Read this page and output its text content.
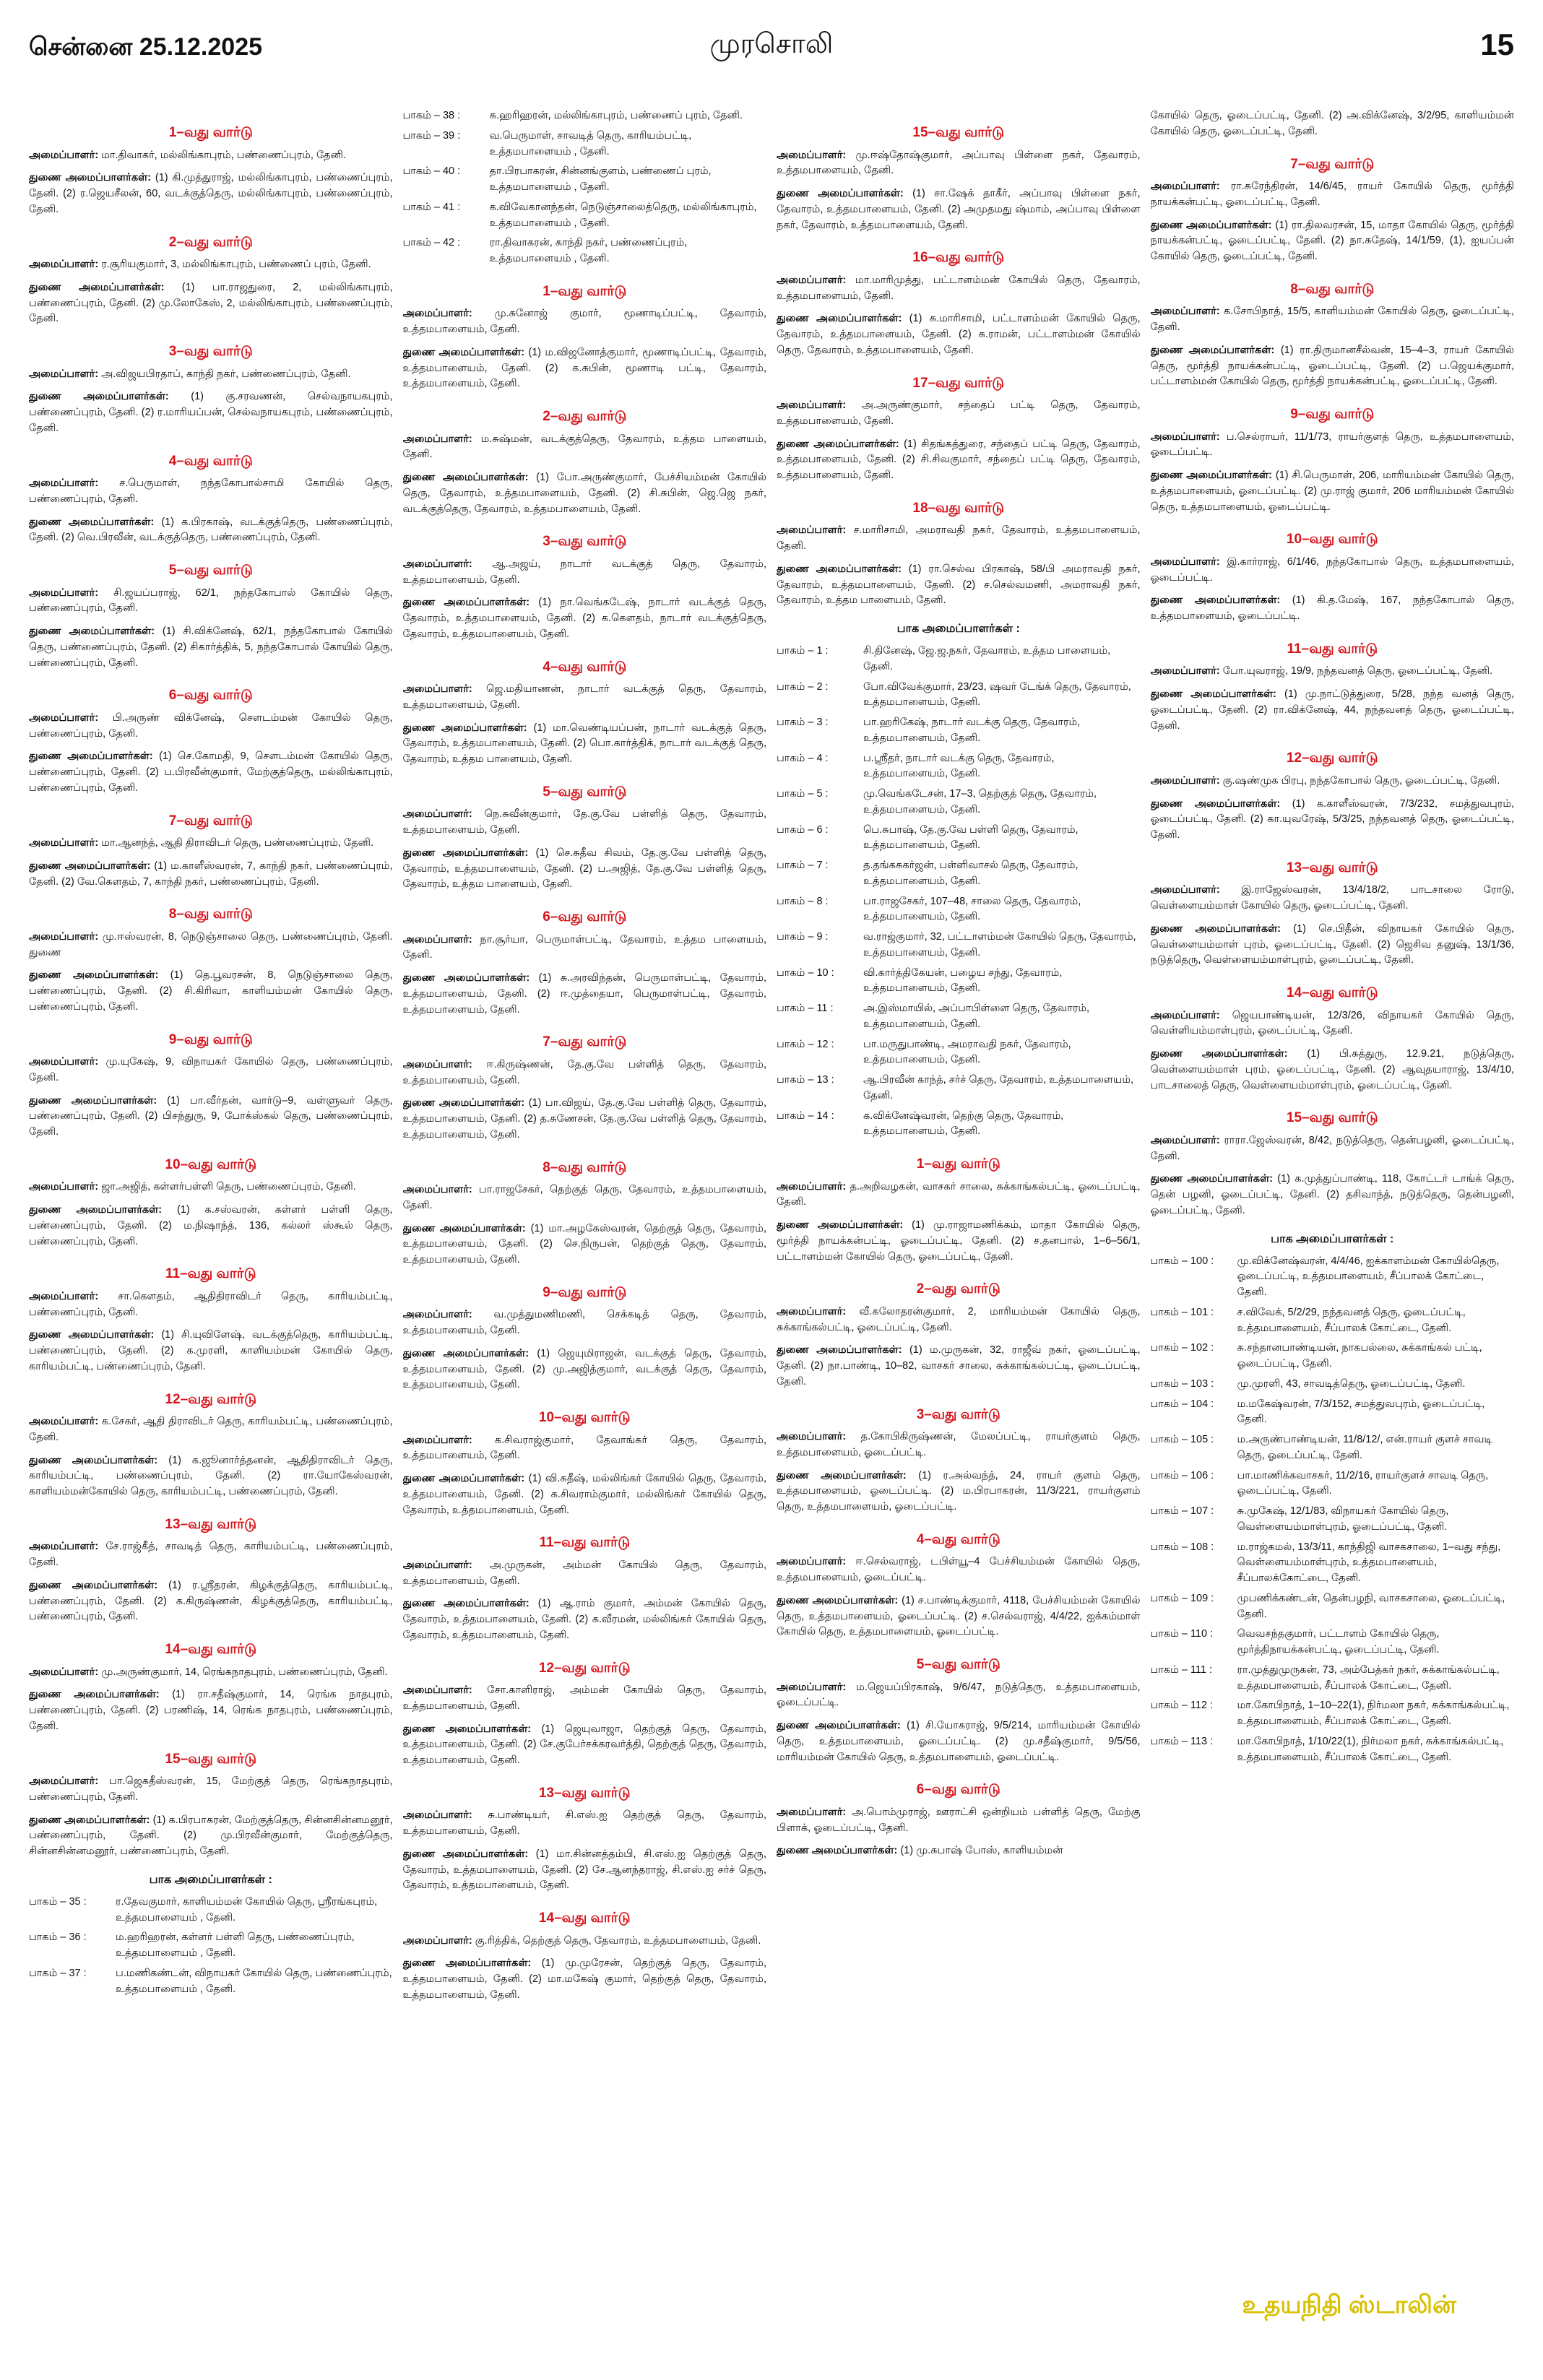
சென்னை 25.12.2025	முரசொலி	15
1–வது வார்டு
அமைப்பாளர்: மா.திவாகர், மல்லிங்காபுரம், பண்ணைப்புரம், தேனி.
துணை அமைப்பாளர்கள்: (1) கி.முத்துராஜ், மல்லிங்காபுரம், பண்ணைப்புரம், தேனி. (2) ர.ஜெயசீலன், 60, வடக்குத்தெரு, மல்லிங்காபுரம், பண்ணைப்புரம், தேனி.
2–வது வார்டு
அமைப்பாளர்: ர.சூரியகுமார், 3, மல்லிங்காபுரம், பண்ணைப் புரம், தேனி.
துணை அமைப்பாளர்கள்: (1) பா.ராஜதுரை, 2, மல்லிங்காபுரம், பண்ணைப்புரம், தேனி. (2) மு.லோகேஸ், 2, மல்லிங்காபுரம், பண்ணைப்புரம், தேனி.
3–வது வார்டு
அமைப்பாளர்: அ.விஜயபிரதாப், காந்தி நகர், பண்ணைப்புரம், தேனி.
துணை அமைப்பாளர்கள்: (1) கு.சரவணன், செல்வநாயகபுரம், பண்ணைப்புரம், தேனி. (2) ர.மாரியப்பன், செல்வநாயகபுரம், பண்ணைப்புரம், தேனி.
4–வது வார்டு
அமைப்பாளர்: ச.பெருமாள், நந்தகோபால்சாமி கோயில் தெரு, பண்ணைப்புரம், தேனி.
துணை அமைப்பாளர்கள்: (1) க.பிரகாஷ், வடக்குத்தெரு, பண்ணைப்புரம், தேனி. (2) வெ.பிரவீன், வடக்குத்தெரு, பண்ணைப்புரம், தேனி.
5–வது வார்டு
அமைப்பாளர்: சி.ஜயப்பராஜ், 62/1, நந்தகோபால் கோயில் தெரு, பண்ணைப்புரம், தேனி.
துணை அமைப்பாளர்கள்: (1) சி.விக்னேஷ், 62/1, நந்தகோபால் கோயில் தெரு, பண்ணைப்புரம், தேனி. (2) சிகார்த்திக், 5, நந்தகோபால் கோயில் தெரு, பண்ணைப்புரம், தேனி.
6–வது வார்டு
அமைப்பாளர்: பி.அருண் விக்னேஷ், சௌடம்மன் கோயில் தெரு, பண்ணைப்புரம், தேனி.
துணை அமைப்பாளர்கள்: (1) செ.கோமதி, 9, சௌடம்மன் கோயில் தெரு, பண்ணைப்புரம், தேனி. (2) ப.பிரவீன்குமார், மேற்குத்தெரு, மல்லிங்காபுரம், பண்ணைப்புரம், தேனி.
7–வது வார்டு
அமைப்பாளர்: மா.ஆனந்த், ஆதி திராவிடர் தெரு, பண்ணைப்புரம், தேனி.
துணை அமைப்பாளர்கள்: (1) ம.காளீஸ்வரன், 7, காந்தி நகர், பண்ணைப்புரம், தேனி. (2) வே.கௌதம், 7, காந்தி நகர், பண்ணைப்புரம், தேனி.
8–வது வார்டு
அமைப்பாளர்: மு.ஈஸ்வரன், 8, நெடுஞ்சாலை தெரு, பண்ணைப்புரம், தேனி. துணை
துணை அமைப்பாளர்கள்: (1) தெ.பூவரசன், 8, நெடுஞ்சாலை தெரு, பண்ணைப்புரம், தேனி. (2) சி.கிரிவா, காளியம்மன் கோயில் தெரு, பண்ணைப்புரம், தேனி.
9–வது வார்டு
அமைப்பாளர்: மு.யுகேஷ், 9, விநாயகர் கோயில் தெரு, பண்ணைப்புரம், தேனி.
துணை அமைப்பாளர்கள்: (1) பா.வீர்தன், வார்டு–9, வள்ளுவர் தெரு, பண்ணைப்புரம், தேனி. (2) பிசந்துரு, 9, போக்ஸ்கல் தெரு, பண்ணைப்புரம், தேனி.
10–வது வார்டு
அமைப்பாளர்: ஜா.அஜித், கள்ளர்பள்ளி தெரு, பண்ணைப்புரம், தேனி.
துணை அமைப்பாளர்கள்: (1) க.சஸ்வரன், கள்ளர் பள்ளி தெரு, பண்ணைப்புரம், தேனி. (2) ம.நிஷாந்த், 136, கல்லர் ஸ்கூல் தெரு, பண்ணைப்புரம், தேனி.
11–வது வார்டு
அமைப்பாளர்: சா.கௌதம், ஆதிதிராவிடர் தெரு, காரியம்பட்டி, பண்ணைப்புரம், தேனி.
துணை அமைப்பாளர்கள்: (1) சி.யுவிளேஷ், வடக்குத்தெரு, காரியம்பட்டி, பண்ணைப்புரம், தேனி. (2) க.முரளி, காளியம்மன் கோயில் தெரு, காரியம்பட்டி, பண்ணைப்புரம், தேனி.
12–வது வார்டு
அமைப்பாளர்: க.சேகர், ஆதி திராவிடர் தெரு, காரியம்பட்டி, பண்ணைப்புரம், தேனி.
துணை அமைப்பாளர்கள்: (1) க.ஜூனார்த்தனன், ஆதிதிராவிடர் தெரு, காரியம்பட்டி, பண்ணைப்புரம், தேனி. (2) ரா.யோகேஸ்வரன், காளியம்மன்கோயில் தெரு, காரியம்பட்டி, பண்ணைப்புரம், தேனி.
13–வது வார்டு
அமைப்பாளர்: சே.ராஜ்கீத், சாவடித் தெரு, காரியம்பட்டி, பண்ணைப்புரம், தேனி.
துணை அமைப்பாளர்கள்: (1) ர.ஸ்ரீதரன், கிழக்குத்தெரு, காரியம்பட்டி, பண்ணைப்புரம், தேனி. (2) க.கிருஷ்ணன், கிழக்குத்தெரு, காரியம்பட்டி, பண்ணைப்புரம், தேனி.
14–வது வார்டு
அமைப்பாளர்: மு.அருண்குமார், 14, ரெங்கநாதபுரம், பண்ணைப்புரம், தேனி.
துணை அமைப்பாளர்கள்: (1) ரா.சதீஷ்குமார், 14, ரெங்க நாதபுரம், பண்ணைப்புரம், தேனி. (2) பரணிஷ், 14, ரெங்க நாதபுரம், பண்ணைப்புரம், தேனி.
15–வது வார்டு
அமைப்பாளர்: பா.ஜெகதீஸ்வரன், 15, மேற்குத் தெரு, ரெங்கநாதபுரம், பண்ணைப்புரம், தேனி.
துணை அமைப்பாளர்கள்: (1) க.பிரபாகரன், மேற்குத்தெரு, சின்னசின்னமனூர், பண்ணைப்புரம், தேனி. (2) மு.பிரவீன்குமார், மேற்குத்தெரு, சின்னசின்னமனூர், பண்ணைப்புரம், தேனி.
பாக அமைப்பாளர்கள் :
பாகம் – 35 :	ர.தேவகுமார், காளியம்மன் கோயில் தெரு, ஸ்ரீரங்கபுரம், உத்தமபாளையம் , தேனி.
பாகம் – 36 :	ம.ஹரிஹரன், கள்ளர் பள்ளி தெரு, பண்ணைப்புரம், உத்தமபாளையம் , தேனி.
பாகம் – 37 :	ப.மணிகண்டன், விநாயகர் கோயில் தெரு, பண்ணைப்புரம், உத்தமபாளையம் , தேனி.
பாகம் – 38 :	சு.ஹரிஹரன், மல்லிங்காபுரம், பண்ணைப் புரம், தேனி.
பாகம் – 39 :	வ.பெருமாள், சாவடித் தெரு, காரியம்பட்டி, உத்தமபாளையம் , தேனி.
பாகம் – 40 :	தா.பிரபாகரன், சின்னங்குளம், பண்ணைப் புரம், உத்தமபாளையம் , தேனி.
பாகம் – 41 :	க.விவேகானந்தன், நெடுஞ்சாலைத்தெரு, மல்லிங்காபுரம், உத்தமபாளையம் , தேனி.
பாகம் – 42 :	ரா.திவாகரன், காந்தி நகர், பண்ணைப்புரம், உத்தமபாளையம் , தேனி.
1–வது வார்டு
அமைப்பாளர்: மு.சுனோஜ் குமார், மூணாடிப்பட்டி, தேவாரம், உத்தமபாளையம், தேனி.
துணை அமைப்பாளர்கள்: (1) ம.விஜனோத்குமார், மூணாடிப்பட்டி, தேவாரம், உத்தமபாளையம், தேனி. (2) க.சுபின், மூணாடி பட்டி, தேவாரம், உத்தமபாளையம், தேனி.
2–வது வார்டு
அமைப்பாளர்: ம.சுஷ்மன், வடக்குத்தெரு, தேவாரம், உத்தம பாளையம், தேனி.
துணை அமைப்பாளர்கள்: (1) போ.அருண்குமார், பேச்சியம்மன் கோயில் தெரு, தேவாரம், உத்தமபாளையம், தேனி. (2) சி.சுபின், ஜெ.ஜெ நகர், வடக்குத்தெரு, தேவாரம், உத்தமபாளையம், தேனி.
3–வது வார்டு
அமைப்பாளர்: ஆ.அஜய், நாடார் வடக்குத் தெரு, தேவாரம், உத்தமபாளையம், தேனி.
துணை அமைப்பாளர்கள்: (1) நா.வெங்கடேஷ், நாடார் வடக்குத் தெரு, தேவாரம், உத்தமபாளையம், தேனி. (2) க.கௌதம், நாடார் வடக்குத்தெரு, தேவாரம், உத்தமபாளையம், தேனி.
4–வது வார்டு
அமைப்பாளர்: ஜெ.மதியாணன், நாடார் வடக்குத் தெரு, தேவாரம், உத்தமபாளையம், தேனி.
துணை அமைப்பாளர்கள்: (1) மா.வெண்டியப்பன், நாடார் வடக்குத் தெரு, தேவாரம், உத்தமபாளையம், தேனி. (2) பொ.கார்த்திக், நாடார் வடக்குத் தெரு, தேவாரம், உத்தம பாளையம், தேனி.
5–வது வார்டு
அமைப்பாளர்: நெ.சுவீன்குமார், தே.கு.வே பள்ளித் தெரு, தேவாரம், உத்தமபாளையம், தேனி.
துணை அமைப்பாளர்கள்: (1) செ.சுதீவ சிவம், தே.கு.வே பள்ளித் தெரு, தேவாரம், உத்தமபாளையம், தேனி. (2) ப.அஜித், தே.கு.வே பள்ளித் தெரு, தேவாரம், உத்தம பாளையம், தேனி.
6–வது வார்டு
அமைப்பாளர்: நா.சூர்யா, பெருமாள்பட்டி, தேவாரம், உத்தம பாளையம், தேனி.
துணை அமைப்பாளர்கள்: (1) சு.அரவிந்தன், பெருமாள்பட்டி, தேவாரம், உத்தமபாளையம், தேனி. (2) ஈ.முத்தையா, பெருமாள்பட்டி, தேவாரம், உத்தமபாளையம், தேனி.
7–வது வார்டு
அமைப்பாளர்: ஈ.கிருஷ்ணன், தே.கு.வே பள்ளித் தெரு, தேவாரம், உத்தமபாளையம், தேனி.
துணை அமைப்பாளர்கள்: (1) பா.விஜய், தே.கு.வே பள்ளித் தெரு, தேவாரம், உத்தமபாளையம், தேனி. (2) த.சுணேசன், தே.கு.வே பள்ளித் தெரு, தேவாரம், உத்தமபாளையம், தேனி.
8–வது வார்டு
அமைப்பாளர்: பா.ராஜசேகர், தெற்குத் தெரு, தேவாரம், உத்தமபாளையம், தேனி.
துணை அமைப்பாளர்கள்: (1) மா.அழகேஸ்வரன், தெற்குத் தெரு, தேவாரம், உத்தமபாளையம், தேனி. (2) செ.நிருபன், தெற்குத் தெரு, தேவாரம், உத்தமபாளையம், தேனி.
9–வது வார்டு
அமைப்பாளர்: வ.முத்துமணிமணி, செக்கடித் தெரு, தேவாரம், உத்தமபாளையம், தேனி.
துணை அமைப்பாளர்கள்: (1) ஜெயுமிராஜன், வடக்குத் தெரு, தேவாரம், உத்தமபாளையம், தேனி. (2) மு.அஜித்குமார், வடக்குத் தெரு, தேவாரம், உத்தமபாளையம், தேனி.
10–வது வார்டு
அமைப்பாளர்: க.சிவராஜ்குமார், தேவாங்கர் தெரு, தேவாரம், உத்தமபாளையம், தேனி.
துணை அமைப்பாளர்கள்: (1) வி.சுதீஷ், மல்லிங்கர் கோயில் தெரு, தேவாரம், உத்தமபாளையம், தேனி. (2) க.சிவராம்குமார், மல்லிங்கர் கோயில் தெரு, தேவாரம், உத்தமபாளையம், தேனி.
11–வது வார்டு
அமைப்பாளர்: அ.முருகன், அம்மன் கோயில் தெரு, தேவாரம், உத்தமபாளையம், தேனி.
துணை அமைப்பாளர்கள்: (1) ஆ.ராம் குமார், அம்மன் கோயில் தெரு, தேவாரம், உத்தமபாளையம், தேனி. (2) க.வீரமன், மல்லிங்கர் கோயில் தெரு, தேவாரம், உத்தமபாளையம், தேனி.
12–வது வார்டு
அமைப்பாளர்: சோ.காளிராஜ், அம்மன் கோயில் தெரு, தேவாரம், உத்தமபாளையம், தேனி.
துணை அமைப்பாளர்கள்: (1) ஜெயுவாஜா, தெற்குத் தெரு, தேவாரம், உத்தமபாளையம், தேனி. (2) சே.குபேர்சக்கரவர்த்தி, தெற்குத் தெரு, தேவாரம், உத்தமபாளையம், தேனி.
13–வது வார்டு
அமைப்பாளர்: சு.பாண்டியர், சி.எஸ்.ஐ தெற்குத் தெரு, தேவாரம், உத்தமபாளையம், தேனி.
துணை அமைப்பாளர்கள்: (1) மா.சின்னத்தம்பி, சி.எஸ்.ஐ தெற்குத் தெரு, தேவாரம், உத்தமபாளையம், தேனி. (2) சே.ஆனந்தராஜ், சி.எஸ்.ஐ சர்ச் தெரு, தேவாரம், உத்தமபாளையம், தேனி.
14–வது வார்டு
அமைப்பாளர்: கு.ரித்திக், தெற்குத் தெரு, தேவாரம், உத்தமபாளையம், தேனி.
துணை அமைப்பாளர்கள்: (1) மு.முரேசன், தெற்குத் தெரு, தேவாரம், உத்தமபாளையம், தேனி. (2) மா.மகேஷ் குமார், தெற்குத் தெரு, தேவாரம், உத்தமபாளையம், தேனி.
15–வது வார்டு
அமைப்பாளர்: மு.ஈஷ்தோஷ்குமார், அப்பாவு பிள்ளை நகர், தேவாரம், உத்தமபாளையம், தேனி.
துணை அமைப்பாளர்கள்: (1) சா.ஷேக் தாகீர், அப்பாவு பிள்ளை நகர், தேவாரம், உத்தமபாளையம், தேனி. (2) அமுதமது ஷ்மாம், அப்பாவு பிள்ளை நகர், தேவாரம், உத்தமபாளையம், தேனி.
16–வது வார்டு
அமைப்பாளர்: மா.மாரிமுத்து, பட்டாளம்மன் கோயில் தெரு, தேவாரம், உத்தமபாளையம், தேனி.
துணை அமைப்பாளர்கள்: (1) சு.மாரிசாமி, பட்டாளம்மன் கோயில் தெரு, தேவாரம், உத்தமபாளையம், தேனி. (2) சு.ராமன், பட்டாளம்மன் கோயில் தெரு, தேவாரம், உத்தமபாளையம், தேனி.
17–வது வார்டு
அமைப்பாளர்: அ.அருண்குமார், சந்தைப் பட்டி தெரு, தேவாரம், உத்தமபாளையம், தேனி.
துணை அமைப்பாளர்கள்: (1) சிதங்கத்துரை, சந்தைப் பட்டி தெரு, தேவாரம், உத்தமபாளையம், தேனி. (2) சி.சிவகுமார், சந்தைப் பட்டி தெரு, தேவாரம், உத்தமபாளையம், தேனி.
18–வது வார்டு
அமைப்பாளர்: ச.மாரிசாமி, அமராவதி நகர், தேவாரம், உத்தமபாளையம், தேனி.
துணை அமைப்பாளர்கள்: (1) ரா.செல்வ பிரகாஷ், 58/பி அமராவதி நகர், தேவாரம், உத்தமபாளையம், தேனி. (2) ச.செல்வமணி, அமராவதி நகர், தேவாரம், உத்தம பாளையம், தேனி.
பாக அமைப்பாளர்கள் :
பாகம் – 1 :	சி.தினேஷ், ஜே.ஜ.நகர், தேவாரம், உத்தம பாளையம், தேனி.
பாகம் – 2 :	போ.விவேக்குமார், 23/23, ஷவர் டேங்க் தெரு, தேவாரம், உத்தமபாளையம், தேனி.
பாகம் – 3 :	பா.ஹரிகேஷ், நாடார் வடக்கு தெரு, தேவாரம், உத்தமபாளையம், தேனி.
பாகம் – 4 :	ப.ஸ்ரீதர், நாடார் வடக்கு தெரு, தேவாரம், உத்தமபாளையம், தேனி.
பாகம் – 5 :	மு.வெங்கடேசன், 17–3, தெற்குத் தெரு, தேவாரம், உத்தமபாளையம், தேனி.
பாகம் – 6 :	பெ.சுபாஷ், தே.கு.வே பள்ளி தெரு, தேவாரம், உத்தமபாளையம், தேனி.
பாகம் – 7 :	த.தங்கசுகர்ஜன், பள்ளிவாசல் தெரு, தேவாரம், உத்தமபாளையம், தேனி.
பாகம் – 8 :	பா.ராஜசேகர், 107–48, சாலை தெரு, தேவாரம், உத்தமபாளையம், தேனி.
பாகம் – 9 :	வ.ராஜ்குமார், 32, பட்டாளம்மன் கோயில் தெரு, தேவாரம், உத்தமபாளையம், தேனி.
பாகம் – 10 :	வி.கார்த்திகேயன், பழைய சந்து, தேவாரம், உத்தமபாளையம், தேனி.
பாகம் – 11 :	அ.இஸ்மாயில், அப்பாபிள்ளை தெரு, தேவாரம், உத்தமபாளையம், தேனி.
பாகம் – 12 :	பா.மருதுபாண்டி, அமராவதி நகர், தேவாரம், உத்தமபாளையம், தேனி.
பாகம் – 13 :	ஆ.பிரவீன் காந்த், சர்ச் தெரு, தேவாரம், உத்தமபாளையம், தேனி.
பாகம் – 14 :	க.விக்னேஷ்வரன், தெற்கு தெரு, தேவாரம், உத்தமபாளையம், தேனி.
1–வது வார்டு
அமைப்பாளர்: த.அறிவழகன், வாசகர் சாலை, சுக்காங்கல்பட்டி, ஓடைப்பட்டி, தேனி.
துணை அமைப்பாளர்கள்: (1) மு.ராஜாமணிக்கம், மாதா கோயில் தெரு, மூர்த்தி நாயக்கன்பட்டி, ஓடைப்பட்டி, தேனி. (2) ச.தனபால், 1–6–56/1, பட்டாளம்மன் கோயில் தெரு, ஓடைப்பட்டி, தேனி.
2–வது வார்டு
அமைப்பாளர்: வீ.கலோதரன்குமார், 2, மாரியம்மன் கோயில் தெரு, சுக்காங்கல்பட்டி, ஓடைப்பட்டி, தேனி.
துணை அமைப்பாளர்கள்: (1) ம.முருகன், 32, ராஜீவ் நகர், ஓடைப்பட்டி, தேனி. (2) நா.பாண்டி, 10–82, வாசகர் சாலை, சுக்காங்கல்பட்டி, ஓடைப்பட்டி, தேனி.
3–வது வார்டு
அமைப்பாளர்: த.கோபிகிருஷ்ணன், மேலப்பட்டி, ராயர்குளம் தெரு, உத்தமபாளையம், ஓடைப்பட்டி.
துணை அமைப்பாளர்கள்: (1) ர.அல்வந்த், 24, ராயர் குளம் தெரு, உத்தமபாளையம், ஓடைப்பட்டி. (2) ம.பிரபாகரன், 11/3/221, ராயர்குளம் தெரு, உத்தமபாளையம், ஓடைப்பட்டி.
4–வது வார்டு
அமைப்பாளர்: ஈ.செல்வராஜ், டபிள்யூ–4 பேச்சியம்மன் கோயில் தெரு, உத்தமபாளையம், ஓடைப்பட்டி.
துணை அமைப்பாளர்கள்: (1) ச.பாண்டிக்குமார், 4118, பேச்சியம்மன் கோயில் தெரு, உத்தமபாளையம், ஓடைப்பட்டி. (2) ச.செல்வராஜ், 4/4/22, ஐக்கம்மாள் கோயில் தெரு, உத்தமபாளையம், ஓடைப்பட்டி.
5–வது வார்டு
அமைப்பாளர்: ம.ஜெயப்பிரகாஷ், 9/6/47, நடுத்தெரு, உத்தமபாளையம், ஓடைப்பட்டி.
துணை அமைப்பாளர்கள்: (1) சி.யோகராஜ், 9/5/214, மாரியம்மன் கோயில் தெரு, உத்தமபாளையம், ஓடைப்பட்டி. (2) மு.சதீஷ்குமார், 9/5/56, மாரியம்மன் கோயில் தெரு, உத்தமபாளையம், ஓடைப்பட்டி.
6–வது வார்டு
அமைப்பாளர்: அ.பொம்முராஜ், ஊராட்சி ஒன்றியம் பள்ளித் தெரு, மேற்கு பிளாக், ஓடைப்பட்டி, தேனி.
துணை அமைப்பாளர்கள்: (1) மு.சுபாஷ் போஸ், காளியம்மன்
கோயில் தெரு, ஓடைப்பட்டி, தேனி. (2) அ.விக்னேஷ், 3/2/95, காளியம்மன் கோயில் தெரு, ஓடைப்பட்டி, தேனி.
7–வது வார்டு
அமைப்பாளர்: ரா.சுரேந்திரன், 14/6/45, ராயர் கோயில் தெரு, மூர்த்தி நாயக்கன்பட்டி, ஓடைப்பட்டி, தேனி.
துணை அமைப்பாளர்கள்: (1) ரா.திலவரசன், 15, மாதா கோயில் தெரு, மூர்த்தி நாயக்கன்பட்டி, ஓடைப்பட்டி, தேனி. (2) நா.சுதேஷ், 14/1/59, (1), ஐயப்பன் கோயில் தெரு, ஓடைப்பட்டி, தேனி.
8–வது வார்டு
அமைப்பாளர்: க.சோபிநாத், 15/5, காளியம்மன் கோயில் தெரு, ஓடைப்பட்டி, தேனி.
துணை அமைப்பாளர்கள்: (1) ரா.திருமானசீல்வன், 15–4–3, ராயர் கோயில் தெரு, மூர்த்தி நாயக்கன்பட்டி, ஓடைப்பட்டி, தேனி. (2) ப.ஜெயக்குமார், பட்டாளம்மன் கோயில் தெரு, மூர்த்தி நாயக்கன்பட்டி, ஓடைப்பட்டி, தேனி.
9–வது வார்டு
அமைப்பாளர்: ப.செல்ராயர், 11/1/73, ராயர்குளத் தெரு, உத்தமபாளையம், ஓடைப்பட்டி.
துணை அமைப்பாளர்கள்: (1) சி.பெருமாள், 206, மாரியம்மன் கோயில் தெரு, உத்தமபாளையம், ஓடைப்பட்டி. (2) மு.ராஜ் குமார், 206 மாரியம்மன் கோயில் தெரு, உத்தமபாளையம், ஓடைப்பட்டி.
10–வது வார்டு
அமைப்பாளர்: இ.கார்ராஜ், 6/1/46, நந்தகோபால் தெரு, உத்தமபாளையம், ஓடைப்பட்டி.
துணை அமைப்பாளர்கள்: (1) கி.த.மேஷ், 167, நந்தகோபால் தெரு, உத்தமபாளையம், ஓடைப்பட்டி.
11–வது வார்டு
அமைப்பாளர்: போ.யுவராஜ், 19/9, நந்தவனத் தெரு, ஓடைப்பட்டி, தேனி.
துணை அமைப்பாளர்கள்: (1) மு.நாட்டுத்துரை, 5/28, நந்த வனத் தெரு, ஓடைப்பட்டி, தேனி. (2) ரா.விக்னேஷ், 44, நந்தவனத் தெரு, ஓடைப்பட்டி, தேனி.
12–வது வார்டு
அமைப்பாளர்: கு.ஷண்முக பிரபு, நந்தகோபால் தெரு, ஓடைப்பட்டி, தேனி.
துணை அமைப்பாளர்கள்: (1) க.காளீஸ்வரன், 7/3/232, சமத்துவபுரம், ஓடைப்பட்டி, தேனி. (2) கா.யுவரேஷ், 5/3/25, நந்தவனத் தெரு, ஓடைப்பட்டி, தேனி.
13–வது வார்டு
அமைப்பாளர்: இ.ராஜேஸ்வரன், 13/4/18/2, பாடசாலை ரோடு, வெள்ளையம்மாள் கோயில் தெரு, ஓடைப்பட்டி, தேனி.
துணை அமைப்பாளர்கள்: (1) செ.பிதீன், விநாயகர் கோயில் தெரு, வெள்ளையம்மாள் புரம், ஓடைப்பட்டி, தேனி. (2) ஜெசிவ தனுஷ், 13/1/36, நடுத்தெரு, வெள்ளையம்மாள்புரம், ஓடைப்பட்டி, தேனி.
14–வது வார்டு
அமைப்பாளர்: ஜெயபாண்டியன், 12/3/26, விநாயகர் கோயில் தெரு, வெள்ளியம்மாள்புரம், ஓடைப்பட்டி, தேனி.
துணை அமைப்பாளர்கள்: (1) பி.சுத்துரு, 12.9.21, நடுத்தெரு, வெள்ளையம்மாள் புரம், ஓடைப்பட்டி, தேனி. (2) ஆவுதயாராஜ், 13/4/10, பாடசாலைத் தெரு, வெள்ளையம்மாள்புரம், ஓடைப்பட்டி, தேனி.
15–வது வார்டு
அமைப்பாளர்: ராரா.ஜேஸ்வரன், 8/42, நடுத்தெரு, தென்பழனி, ஓடைப்பட்டி, தேனி.
துணை அமைப்பாளர்கள்: (1) க.முத்துப்பாண்டி, 118, கோட்டர் டாங்க் தெரு, தென் பழனி, ஓடைப்பட்டி, தேனி. (2) தசிவாந்த், நடுத்தெரு, தென்பழனி, ஓடைப்பட்டி, தேனி.
பாக அமைப்பாளர்கள் :
பாகம் – 100 :	மு.விக்னேஷ்வரன், 4/4/46, ஐக்காளம்மன் கோயில்தெரு, ஓடைப்பட்டி, உத்தமபாளையம், சீப்பாலக் கோட்டை, தேனி.
பாகம் – 101 :	ச.விவேக், 5/2/29, நந்தவனத் தெரு, ஓடைப்பட்டி, உத்தமபாளையம், சீப்பாலக் கோட்டை, தேனி.
பாகம் – 102 :	சு.சந்தானபாண்டியன், நாகபல்லை, சுக்காங்கல் பட்டி, ஓடைப்பட்டி, தேனி.
பாகம் – 103 :	மு.முரளி, 43, சாவடித்தெரு, ஓடைப்பட்டி, தேனி.
பாகம் – 104 :	ம.மகேஷ்வரன், 7/3/152, சமத்துவபுரம், ஓடைப்பட்டி, தேனி.
பாகம் – 105 :	ம.அருண்பாண்டியன், 11/8/12/, என்.ராயர் குளச் சாவடி தெரு, ஓடைப்பட்டி, தேனி.
பாகம் – 106 :	பா.மாணிக்கவாசகர், 11/2/16, ராயர்குளச் சாவடி தெரு, ஓடைப்பட்டி, தேனி.
பாகம் – 107 :	சு.முகேஷ், 12/1/83, விநாயகர் கோயில் தெரு, வெள்ளையம்மாள்புரம், ஓடைப்பட்டி, தேனி.
பாகம் – 108 :	ம.ராஜ்கமல், 13/3/11, காந்திஜி வாசகசாலை, 1–வது சந்து, வெள்ளையம்மாள்புரம், உத்தமபாளையம், சீப்பாலக்கோட்டை, தேனி.
பாகம் – 109 :	முபணிக்கண்டன், தென்பழநி, வாசகசாலை, ஓடைப்பட்டி, தேனி.
பாகம் – 110 :	வெவசந்தகுமார், பட்டாளம் கோயில் தெரு, மூர்த்திநாயக்கன்பட்டி, ஓடைப்பட்டி, தேனி.
பாகம் – 111 :	ரா.முத்துமுருகன், 73, அம்பேத்கர் நகர், சுக்காங்கல்பட்டி, உத்தமபாளையம், சீப்பாலக் கோட்டை, தேனி.
பாகம் – 112 :	மா.கோபிநாத், 1–10–22(1), நிர்மலா நகர், சுக்காங்கல்பட்டி, உத்தமபாளையம், சீப்பாலக் கோட்டை, தேனி.
பாகம் – 113 :	மா.கோபிநாத், 1/10/22(1), நிர்மலா நகர், சுக்காங்கல்பட்டி, உத்தமபாளையம், சீப்பாலக் கோட்டை, தேனி.
உதயநிதி ஸ்டாலின்
